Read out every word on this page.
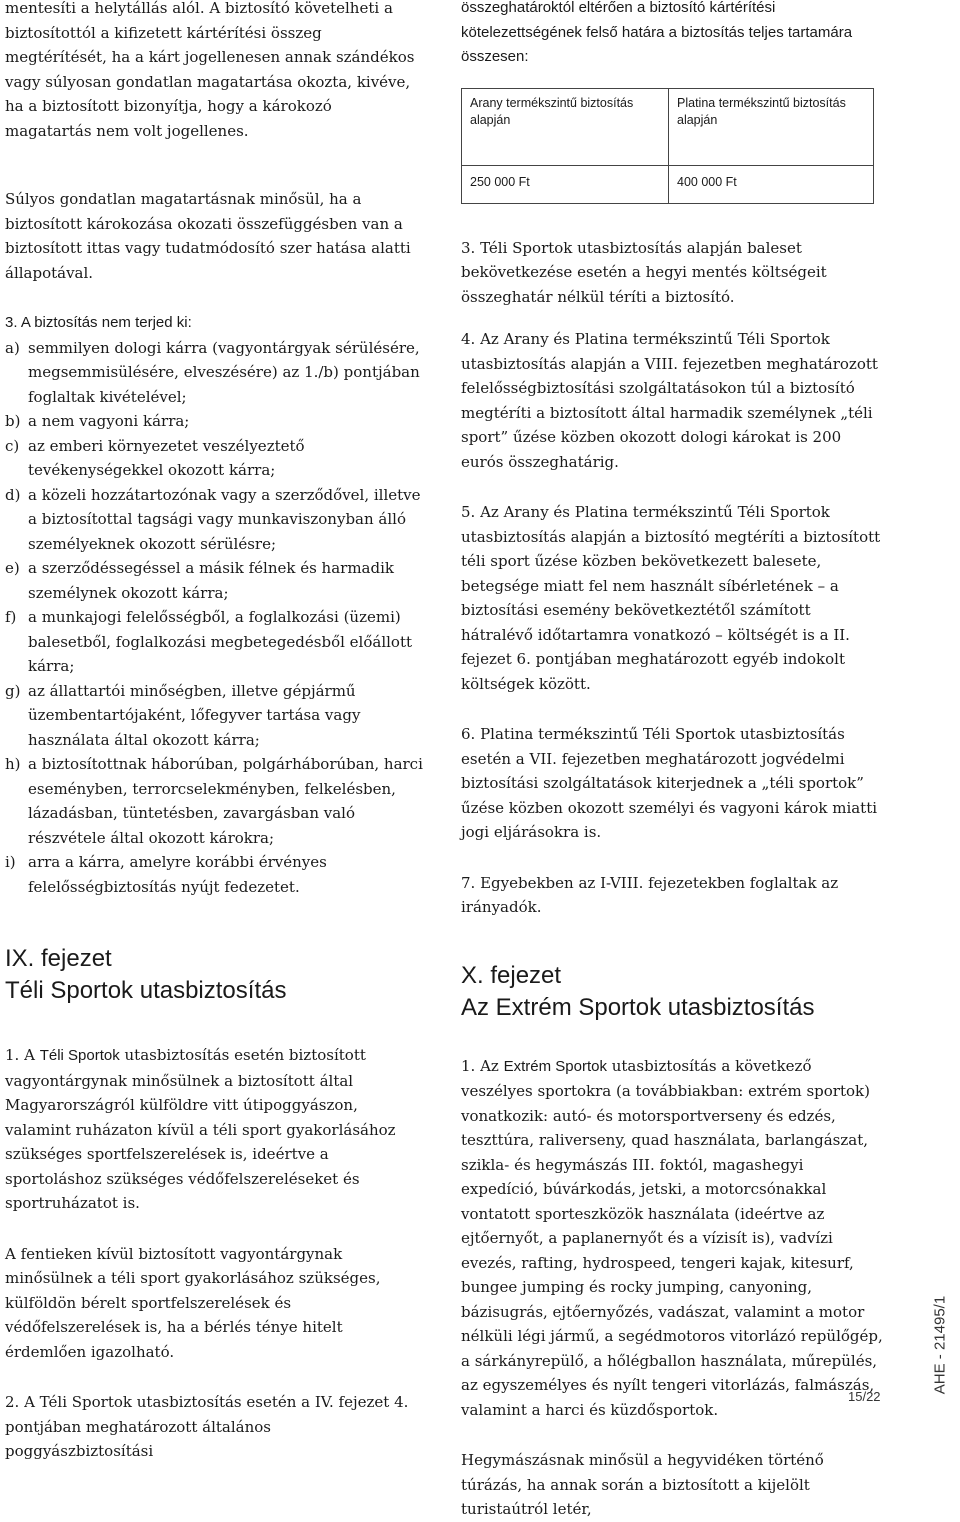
mentesíti a helytállás alól. A biztosító követelheti a biztosítottól a kifizetett kártérítési összeg megtérítését, ha a kárt jogellenesen annak szándékos vagy súlyosan gondatlan magatartása okozta, kivéve, ha a biztosított bizonyítja, hogy a károkozó magatartás nem volt jogellenes.

Súlyos gondatlan magatartásnak minősül, ha a biztosított károkozása okozati összefüggésben van a biztosított ittas vagy tudatmódosító szer hatása alatti állapotával.

3. A biztosítás nem terjed ki:

a) semmilyen dologi kárra (vagyontárgyak sérülésére, megsemmisülésére, elveszésére) az 1./b) pontjában foglaltak kivételével;
b) a nem vagyoni kárra;
c) az emberi környezetet veszélyeztető tevékenységekkel okozott kárra;
d) a közeli hozzátartozónak vagy a szerződővel, illetve a biztosítottal tagsági vagy munkaviszonyban álló személyeknek okozott sérülésre;
e) a szerződéssegéssel a másik félnek és harmadik személynek okozott kárra;
f) a munkajogi felelősségből, a foglalkozási (üzemi) balesetből, foglalkozási megbetegedésből előállott kárra;
g) az állattartói minőségben, illetve gépjármű üzembentartójaként, lőfegyver tartása vagy használata által okozott kárra;
h) a biztosítottnak háborúban, polgárháborúban, harci eseményben, terrorcselekményben, felkelésben, lázadásban, tüntetésben, zavargásban való részvétele által okozott károkra;
i) arra a kárra, amelyre korábbi érvényes felelősségbiztosítás nyújt fedezetet.
IX. fejezet
Téli Sportok utasbiztosítás

1. A Téli Sportok utasbiztosítás esetén biztosított vagyontárgynak minősülnek a biztosított által Magyarországról külföldre vitt útipoggyászon, valamint ruházaton kívül a téli sport gyakorlásához szükséges sportfelszerelések is, ideértve a sportoláshoz szükséges védőfelszereléseket és sportruházatot is.

A fentieken kívül biztosított vagyontárgynak minősülnek a téli sport gyakorlásához szükséges, külföldön bérelt sportfelszerelések és védőfelszerelések is, ha a bérlés ténye hitelt érdemlően igazolható.

2. A Téli Sportok utasbiztosítás esetén a IV. fejezet 4. pontjában meghatározott általános poggyászbiztosítási

összeghatároktól eltérően a biztosító kártérítési kötelezettségének felső határa a biztosítás teljes tartamára összesen:

Arany termékszintű biztosítás alapján	Platina termékszintű biztosítás alapján
250 000 Ft	400 000 Ft

3. Téli Sportok utasbiztosítás alapján baleset bekövetkezése esetén a hegyi mentés költségeit összeghatár nélkül téríti a biztosító.

4. Az Arany és Platina termékszintű Téli Sportok utasbiztosítás alapján a VIII. fejezetben meghatározott felelősségbiztosítási szolgáltatásokon túl a biztosító megtéríti a biztosított által harmadik személynek „téli sport” űzése közben okozott dologi károkat is 200 eurós összeghatárig.

5. Az Arany és Platina termékszintű Téli Sportok utasbiztosítás alapján a biztosító megtéríti a biztosított téli sport űzése közben bekövetkezett balesete, betegsége miatt fel nem használt síbérletének – a biztosítási esemény bekövetkeztétől számított hátralévő időtartamra vonatkozó – költségét is a II. fejezet 6. pontjában meghatározott egyéb indokolt költségek között.

6. Platina termékszintű Téli Sportok utasbiztosítás esetén a VII. fejezetben meghatározott jogvédelmi biztosítási szolgáltatások kiterjednek a „téli sportok” űzése közben okozott személyi és vagyoni károk miatti jogi eljárásokra is.

7. Egyebekben az I-VIII. fejezetekben foglaltak az irányadók.

X. fejezet
Az Extrém Sportok utasbiztosítás

1. Az Extrém Sportok utasbiztosítás a következő veszélyes sportokra (a továbbiakban: extrém sportok) vonatkozik: autó- és motorsportverseny és edzés, teszttúra, raliverseny, quad használata, barlangászat, szikla- és hegymászás III. foktól, magashegyi expedíció, búvárkodás, jetski, a motorcsónakkal vontatott sporteszközök használata (ideértve az ejtőernyőt, a paplanernyőt és a vízisít is), vadvízi evezés, rafting, hydrospeed, tengeri kajak, kitesurf, bungee jumping és rocky jumping, canyoning, bázisugrás, ejtőernyőzés, vadászat, valamint a motor nélküli légi jármű, a segédmotoros vitorlázó repülőgép, a sárkányrepülő, a hőlégballon használata, műrepülés, az egyszemélyes és nyílt tengeri vitorlázás, falmászás, valamint a harci és küzdősportok.

Hegymászásnak minősül a hegyvidéken történő túrázás, ha annak során a biztosított a kijelölt turistaútról letér,

AHE - 21495/1
15/22
